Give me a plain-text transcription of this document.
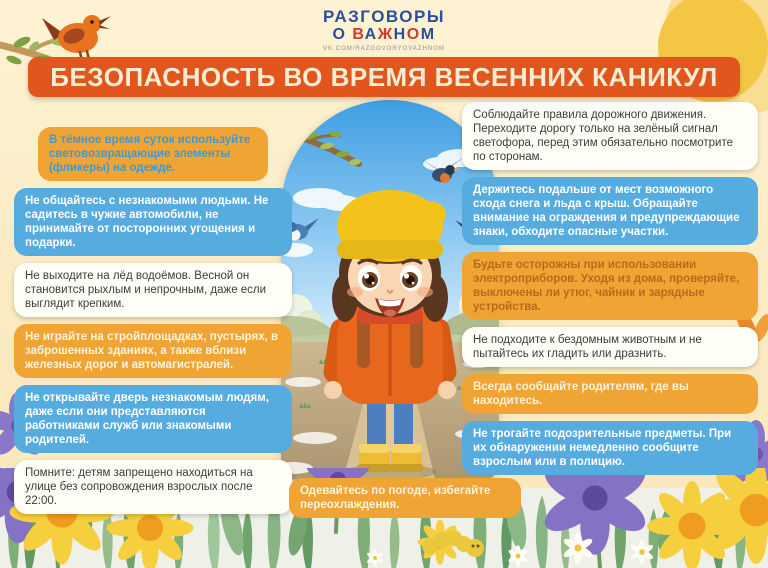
РАЗГОВОРЫ
О ВАЖНОМ
VK.COM/RAZGOVORYOVAZHNOM
БЕЗОПАСНОСТЬ ВО ВРЕМЯ ВЕСЕННИХ КАНИКУЛ
В тёмное время суток используйте световозвращающие элементы (фликеры) на одежде.
Не общайтесь с незнакомыми людьми. Не садитесь в чужие автомобили, не принимайте от посторонних угощения и подарки.
Не выходите на лёд водоёмов. Весной он становится рыхлым и непрочным, даже если выглядит крепким.
Не играйте на стройплощадках, пустырях, в заброшенных зданиях, а также вблизи железных дорог и автомагистралей.
Не открывайте дверь незнакомым людям, даже если они представляются работниками служб или знакомыми родителей.
Помните: детям запрещено находиться на улице без сопровождения взрослых после 22:00.
Соблюдайте правила дорожного движения. Переходите дорогу только на зелёный сигнал светофора, перед этим обязательно посмотрите по сторонам.
Держитесь подальше от мест возможного схода снега и льда с крыш. Обращайте внимание на ограждения и предупреждающие знаки, обходите опасные участки.
Будьте осторожны при использовании электроприборов. Уходя из дома, проверяйте, выключены ли утюг, чайник и зарядные устройства.
Не подходите к бездомным животным и не пытайтесь их гладить или дразнить.
Всегда сообщайте родителям, где вы находитесь.
Не трогайте подозрительные предметы. При их обнаружении немедленно сообщите взрослым или в полицию.
Одевайтесь по погоде, избегайте переохлаждения.
